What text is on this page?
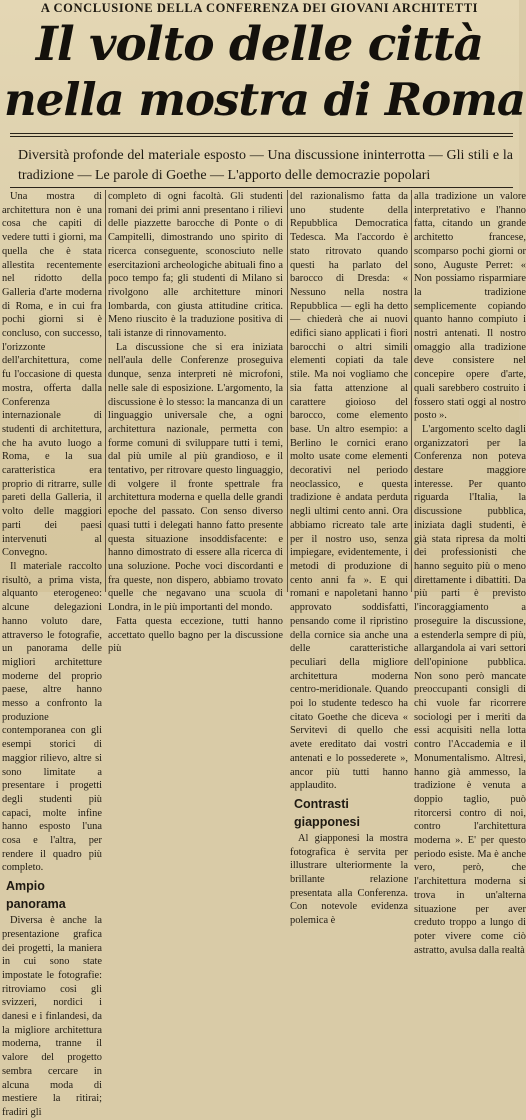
A CONCLUSIONE DELLA CONFERENZA DEI GIOVANI ARCHITETTI
Il volto delle città
nella mostra di Roma
Diversità profonde del materiale esposto — Una discussione ininterrotta — Gli stili e la tradizione — Le parole di Goethe — L'apporto delle democrazie popolari

Una mostra di architettura non è una cosa che capiti di vedere tutti i giorni, ma quella che è stata allestita recentemente nel ridotto della Galleria d'arte moderna di Roma, e in cui fra pochi giorni si è concluso, con successo, l'orizzonte dell'architettura, come fu l'occasione di questa mostra, offerta dalla Conferenza internazionale di studenti di architettura, che ha avuto luogo a Roma, e la sua caratteristica era proprio di ritrarre, sulle pareti della Galleria, il volto delle maggiori parti dei paesi intervenuti al Convegno.

Il materiale raccolto risultò, a prima vista, alquanto eterogeneo: alcune delegazioni hanno voluto dare, attraverso le fotografie, un panorama delle migliori architetture moderne del proprio paese, altre hanno messo a confronto la produzione contemporanea con gli esempi storici di maggior rilievo, altre si sono limitate a presentare i progetti degli studenti più capaci, molte infine hanno esposto l'una cosa e l'altra, per rendere il quadro più completo.

Ampio panorama

Diversa è anche la presentazione grafica dei progetti, la maniera in cui sono state impostate le fotografie: ritroviamo cosi gli svizzeri, nordici i danesi e i finlandesi, da la migliore architettura moderna, tranne il valore del progetto sembra cercare in alcuna moda di mestiere la ritirai; fradiri gli

completo di ogni facoltà. Gli studenti romani dei primi anni presentano i rilievi delle piazzette barocche di Ponte o di Campitelli, dimostrando uno spirito di ricerca conseguente, sconosciuto nelle esercitazioni archeologiche abituali fino a poco tempo fa; gli studenti di Milano si rivolgono alle architetture minori lombarda, con giusta attitudine critica. Meno riuscito è la traduzione positiva di tali istanze di rinnovamento.

La discussione che si era iniziata nell'aula delle Conferenze proseguiva dunque, senza interpreti nè microfoni, nelle sale di esposizione. L'argomento, la discussione è lo stesso: la mancanza di un linguaggio universale che, a ogni architettura nazionale, permetta con forme comuni di sviluppare tutti i temi, dal più umile al più grandioso, e il tentativo, per ritrovare questo linguaggio, di volgere il fronte spettrale fra architettura moderna e quella delle grandi epoche del passato. Con senso diverso quasi tutti i delegati hanno fatto presente questa situazione insoddisfacente: e hanno dimostrato di essere alla ricerca di una soluzione. Poche voci discordanti e fra queste, non dispero, abbiamo trovato quelle che negavano una scuola di Londra, in le più importanti del mondo.

Fatta questa eccezione, tutti hanno accettato quello bagno per la discussione più

del razionalismo fatta da uno studente della Repubblica Democratica Tedesca. Ma l'accordo è stato ritrovato quando questi ha parlato del barocco di Dresda: « Nessuno nella nostra Repubblica — egli ha detto — chiederà che ai nuovi edifici siano applicati i fiori barocchi o altri simili elementi copiati da tale stile. Ma noi vogliamo che sia fatta attenzione al carattere gioioso del barocco, come elemento base. Un altro esempio: a Berlino le cornici erano molto usate come elementi decorativi nel periodo neoclassico, e questa tradizione è andata perduta negli ultimi cento anni. Ora abbiamo ricreato tale arte per il nostro uso, senza impiegare, evidentemente, i metodi di produzione di cento anni fa ». E qui romani e napoletani hanno approvato soddisfatti, pensando come il ripristino della cornice sia anche una delle caratteristiche peculiari della migliore architettura moderna centro-meridionale. Quando poi lo studente tedesco ha citato Goethe che dicevа « Servitevi di quello che avete ereditato dai vostri antenati e lo possederete », ancor più tutti hanno applaudito.

Contrasti giapponesi

Al giapponesi la mostra fotografica è servita per illustrare ulteriormente la brillante relazione presentata alla Conferenza. Con notevole evidenza polemica è

alla tradizione un valore interpretativo e l'hanno fatta, citando un grande architetto francese, scomparso pochi giorni or sono, Auguste Perret: « Non possiamo risparmiare la tradizione semplicemente copiando quanto hanno compiuto i nostri antenati. Il nostro omaggio alla tradizione deve consistere nel concepire opere d'arte, quali sarebbero costruito i fossero stati oggi al nostro posto ».

L'argomento scelto dagli organizzatori per la Conferenza non poteva destare maggiore interesse. Per quanto riguarda l'Italia, la discussione pubblica, iniziata dagli studenti, è già stata ripresa da molti dei professionisti che hanno seguito più o meno direttamente i dibattiti. Da più parti è previsto l'incoraggiamento a proseguire la discussione, a estenderla sempre di più, allargandola ai vari settori dell'opinione pubblica. Non sono però mancate preoccupanti consigli di chi vuole far ricorrere sociologi per i meriti da essi acquisiti nella lotta contro l'Accademia e il Monumentalismo. Altresì, hanno già ammesso, la tradizione è venuta a doppio taglio, può ritorcersi contro di noi, contro l'architettura moderna ». E' per questo periodo esiste. Ma è anche vero, però, che l'architettura moderna si trova in un'alterna situazione per aver creduto troppo a lungo di poter vivere come ciò astratto, avulsa dalla realtà
